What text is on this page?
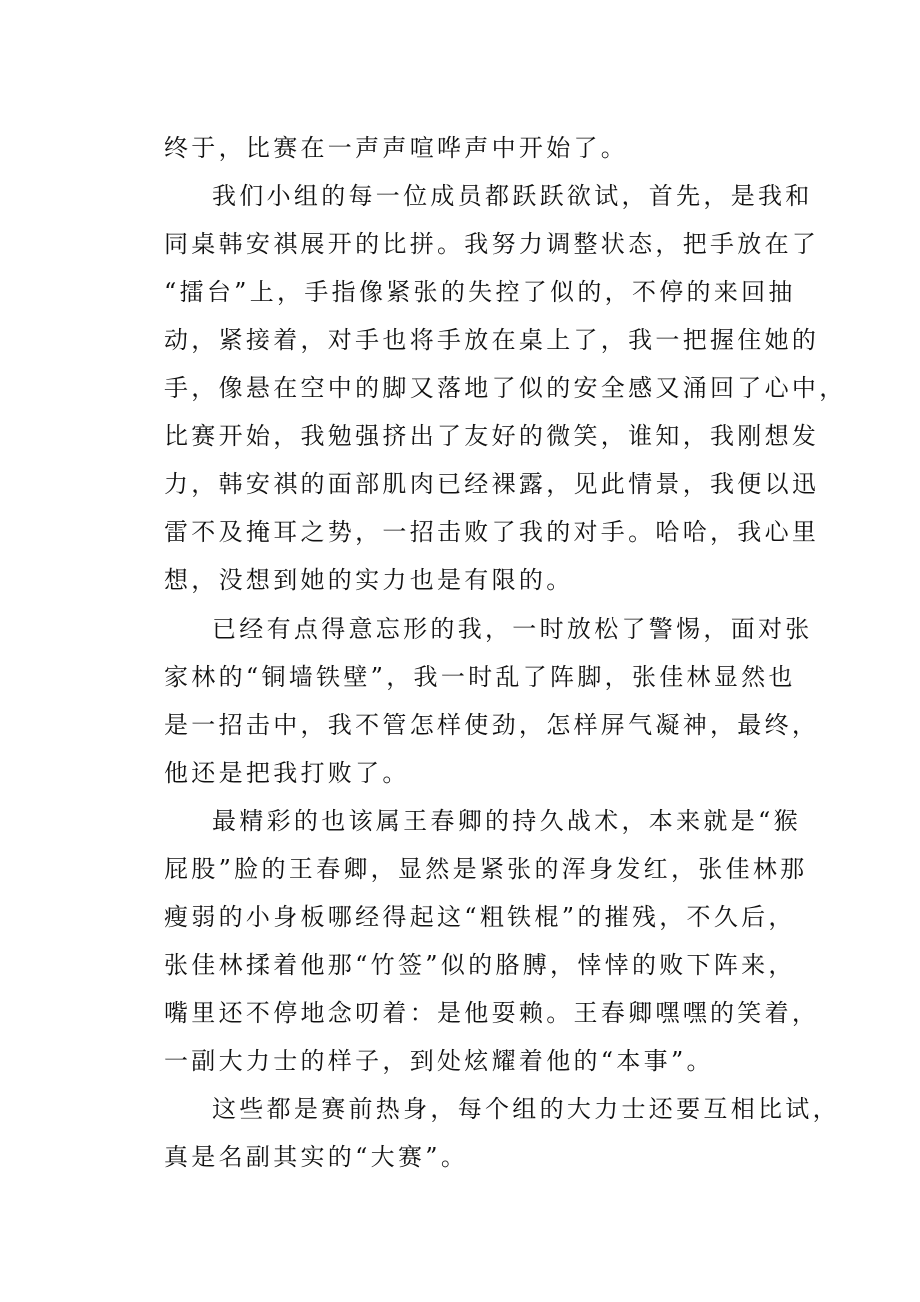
终于，比赛在一声声喧哗声中开始了。
我们小组的每一位成员都跃跃欲试，首先，是我和
同桌韩安祺展开的比拼。我努力调整状态，把手放在了
“擂台”上，手指像紧张的失控了似的，不停的来回抽
动，紧接着，对手也将手放在桌上了，我一把握住她的
手，像悬在空中的脚又落地了似的安全感又涌回了心中，
比赛开始，我勉强挤出了友好的微笑，谁知，我刚想发
力，韩安祺的面部肌肉已经裸露，见此情景，我便以迅
雷不及掩耳之势，一招击败了我的对手。哈哈，我心里
想，没想到她的实力也是有限的。
已经有点得意忘形的我，一时放松了警惕，面对张
家林的“铜墙铁壁”，我一时乱了阵脚，张佳林显然也
是一招击中，我不管怎样使劲，怎样屏气凝神，最终，
他还是把我打败了。
最精彩的也该属王春卿的持久战术，本来就是“猴
屁股”脸的王春卿，显然是紧张的浑身发红，张佳林那
瘦弱的小身板哪经得起这“粗铁棍”的摧残，不久后，
张佳林揉着他那“竹签”似的胳膊，悻悻的败下阵来，
嘴里还不停地念叨着：是他耍赖。王春卿嘿嘿的笑着，
一副大力士的样子，到处炫耀着他的“本事”。
这些都是赛前热身，每个组的大力士还要互相比试，
真是名副其实的“大赛”。
